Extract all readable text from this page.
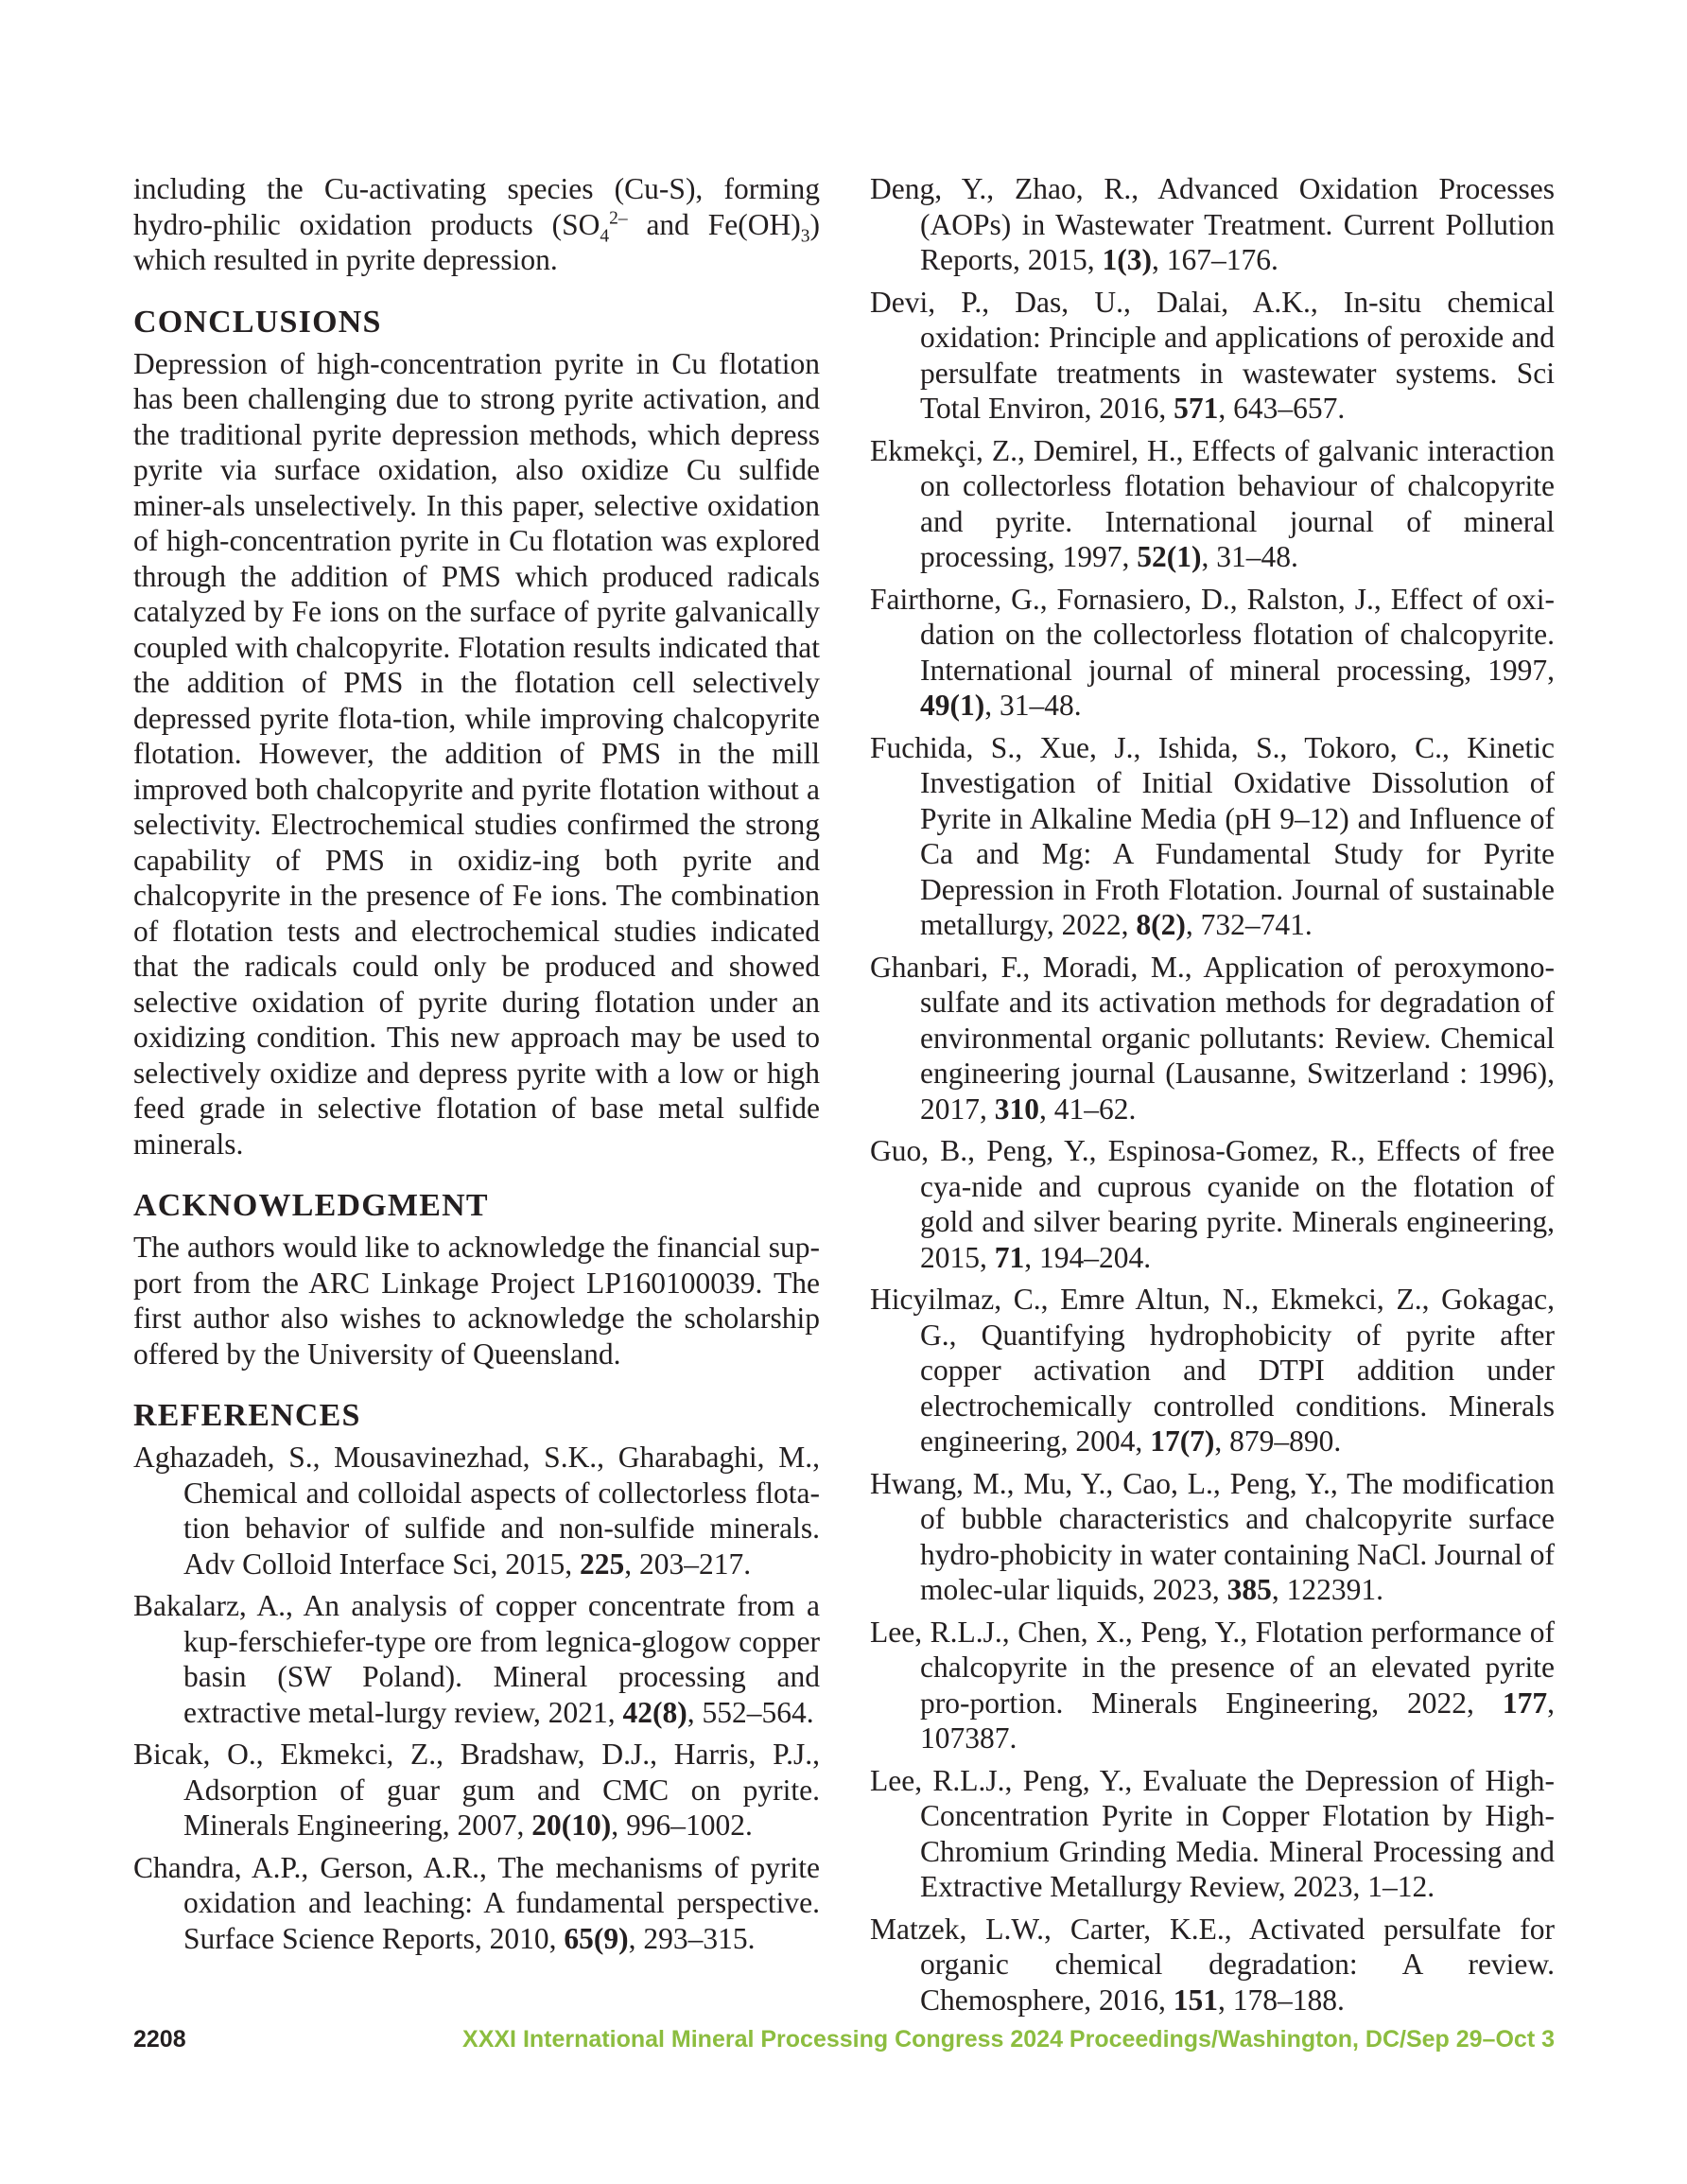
including the Cu-activating species (Cu-S), forming hydro-philic oxidation products ($SO_4^{2-}$ and $Fe(OH)_3$) which resulted in pyrite depression.

CONCLUSIONS

Depression of high-concentration pyrite in Cu flotation has been challenging due to strong pyrite activation, and the traditional pyrite depression methods, which depress pyrite via surface oxidation, also oxidize Cu sulfide miner-als unselectively. In this paper, selective oxidation of high-concentration pyrite in Cu flotation was explored through the addition of PMS which produced radicals catalyzed by Fe ions on the surface of pyrite galvanically coupled with chalcopyrite. Flotation results indicated that the addition of PMS in the flotation cell selectively depressed pyrite flota-tion, while improving chalcopyrite flotation. However, the addition of PMS in the mill improved both chalcopyrite and pyrite flotation without a selectivity. Electrochemical studies confirmed the strong capability of PMS in oxidiz-ing both pyrite and chalcopyrite in the presence of Fe ions. The combination of flotation tests and electrochemical studies indicated that the radicals could only be produced and showed selective oxidation of pyrite during flotation under an oxidizing condition. This new approach may be used to selectively oxidize and depress pyrite with a low or high feed grade in selective flotation of base metal sulfide minerals.

ACKNOWLEDGMENT

The authors would like to acknowledge the financial sup-port from the ARC Linkage Project LP160100039. The first author also wishes to acknowledge the scholarship offered by the University of Queensland.

REFERENCES

Aghazadeh, S., Mousavinezhad, S.K., Gharabaghi, M., Chemical and colloidal aspects of collectorless flota-tion behavior of sulfide and non-sulfide minerals. Adv Colloid Interface Sci, 2015, 225, 203–217.

Bakalarz, A., An analysis of copper concentrate from a kup-ferschiefer-type ore from legnica-glogow copper basin (SW Poland). Mineral processing and extractive metal-lurgy review, 2021, 42(8), 552–564.

Bicak, O., Ekmekci, Z., Bradshaw, D.J., Harris, P.J., Adsorption of guar gum and CMC on pyrite. Minerals Engineering, 2007, 20(10), 996–1002.

Chandra, A.P., Gerson, A.R., The mechanisms of pyrite oxidation and leaching: A fundamental perspective. Surface Science Reports, 2010, 65(9), 293–315.

Deng, Y., Zhao, R., Advanced Oxidation Processes (AOPs) in Wastewater Treatment. Current Pollution Reports, 2015, 1(3), 167–176.

Devi, P., Das, U., Dalai, A.K., In-situ chemical oxidation: Principle and applications of peroxide and persulfate treatments in wastewater systems. Sci Total Environ, 2016, 571, 643–657.

Ekmekçi, Z., Demirel, H., Effects of galvanic interaction on collectorless flotation behaviour of chalcopyrite and pyrite. International journal of mineral processing, 1997, 52(1), 31–48.

Fairthorne, G., Fornasiero, D., Ralston, J., Effect of oxi-dation on the collectorless flotation of chalcopyrite. International journal of mineral processing, 1997, 49(1), 31–48.

Fuchida, S., Xue, J., Ishida, S., Tokoro, C., Kinetic Investigation of Initial Oxidative Dissolution of Pyrite in Alkaline Media (pH 9–12) and Influence of Ca and Mg: A Fundamental Study for Pyrite Depression in Froth Flotation. Journal of sustainable metallurgy, 2022, 8(2), 732–741.

Ghanbari, F., Moradi, M., Application of peroxymono-sulfate and its activation methods for degradation of environmental organic pollutants: Review. Chemical engineering journal (Lausanne, Switzerland : 1996), 2017, 310, 41–62.

Guo, B., Peng, Y., Espinosa-Gomez, R., Effects of free cya-nide and cuprous cyanide on the flotation of gold and silver bearing pyrite. Minerals engineering, 2015, 71, 194–204.

Hicyilmaz, C., Emre Altun, N., Ekmekci, Z., Gokagac, G., Quantifying hydrophobicity of pyrite after copper activation and DTPI addition under electrochemically controlled conditions. Minerals engineering, 2004, 17(7), 879–890.

Hwang, M., Mu, Y., Cao, L., Peng, Y., The modification of bubble characteristics and chalcopyrite surface hydro-phobicity in water containing NaCl. Journal of molec-ular liquids, 2023, 385, 122391.

Lee, R.L.J., Chen, X., Peng, Y., Flotation performance of chalcopyrite in the presence of an elevated pyrite pro-portion. Minerals Engineering, 2022, 177, 107387.

Lee, R.L.J., Peng, Y., Evaluate the Depression of High-Concentration Pyrite in Copper Flotation by High-Chromium Grinding Media. Mineral Processing and Extractive Metallurgy Review, 2023, 1–12.

Matzek, L.W., Carter, K.E., Activated persulfate for organic chemical degradation: A review. Chemosphere, 2016, 151, 178–188.

2208	XXXI International Mineral Processing Congress 2024 Proceedings/Washington, DC/Sep 29–Oct 3
